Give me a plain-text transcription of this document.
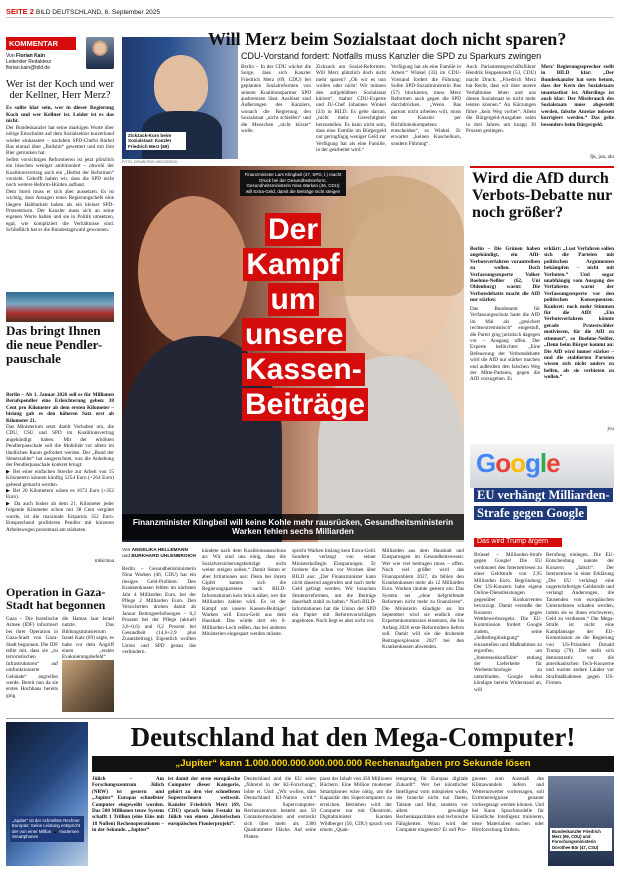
SEITE 2 BILD DEUTSCHLAND, 6. September 2025
KOMMENTAR
Von Florian Kain
Leitender Redakteur
florian.kain@bild.de
Wer ist der Koch und wer der Kellner, Herr Merz?
Es sollte klar sein, wer in dieser Regierung Koch und wer Kellner ist. Leider ist es das nicht.
Der Bundeskanzler hat seine markigen Worte über nötige Einschnitte auf dem Sozialsektor kurzerhand wieder einkassiert – nachdem SPD-Chefin Bärbel Bas einmal über „Bullshit“ gewettert und mit ihm Bier getrunken hat.
Selbst vorsichtiges Reformieren ist jetzt plötzlich ein bisschen weniger ambitioniert – obwohl der Koalitionsvertrag auch ein „Herbst der Reformen“ vorsieht. Gehofft haben wir, dass die SPD nicht noch weitere Reform-Hürden aufbaut.
Dem Streit muss er sich aber aussetzen. Es ist wichtig, dass Ansagen eines Regierungschefs eine längere Haltbarkeit haben als ein kleiner SPD-Proteststurm. Der Kanzler muss sich an seine eigenen Worte halten und sie in Politik umsetzen, egal, wie kompliziert die Verhältnisse sind. Schließlich hat er die Bundestagswahl gewonnen.
Zickzack-Kurs beim Sozialstaat: Kanzler Friedrich Merz (69)
Will Merz beim Sozialstaat doch nicht sparen?
CDU-Vorstand fordert: Notfalls muss Kanzler die SPD zu Sparkurs zwingen
Berlin – In der CDU wächst die Sorge, dass sich Kanzler Friedrich Merz (69, CDU) bei geplanten Sozialreformen von seinem Koalitionspartner SPD ausbremsen lässt. Auslöser sind Äußerungen des Kanzlers, wonach die Regierung den Sozialstaat „nicht schleifen“ und die Menschen „nicht kürzer“ wolle.
Zickzack am Sozial-Reformen: Will Merz plötzlich doch nicht mehr sparen? „Ob wir es nun wollen oder nicht: Wir müssen den aufgeblähten Sozialstaat kürzen“, mahnt CDU-Experte und JU-Chef Johannes Winkel (33) in BILD. Es gebe darum, „nicht mehr Gerechtigkeit herzustellen. Es kann nicht sein, dass eine Familie im Bürgergeld nur geringfügig weniger Geld zur Verfügung hat als eine Familie, in der gearbeitet wird.“
Verfügung hat als eine Familie in Arbeit.“ Winkel (33) im CDU-Vorstand fordert die Führung: Sollte SPD-Sozialministerin Bas (57) blockieren, muss Merz Reformen auch gegen die SPD durchdrücken. „Wenn Bas partout nicht arbeiten will, muss der Kanzler per Richtlinienkompetenz entscheiden“, so Winkel. Er erwartet „keinen Kuschelkurs, sondern Führung“.
Auch Parlamentsgeschäftsführer Hendrik Hoppenstedt (53, CDU) macht Druck: „Friedrich Merz hat Recht, dass wir über unsere Verhältnisse leben und uns diesen Sozialstaat so nicht mehr leisten können.“ An Kürzungen führe „kein Weg vorbei“. Allein die Bürgergeld-Ausgaben seien in drei Jahren um knapp 30 Prozent gestiegen.
Merz' Regierungssprecher stellt in BILD klar: „Der Bundeskanzler hat stets betont, dass der Kern des Sozialstaats unantastbar ist. Allerdings ist auch klar: Der Missbrauch des Sozialstaats muss abgestellt werden, falsche Anreize müssen korrigiert werden.“ Das gelte besonders beim Bürgergeld.
fjk, jun, alu
FOTO: DPA/BERND WEISSBROD
Finanzminister Lars Klingbeil (47, SPD, l.) macht Druck bei der Gesundheitsreform, Gesundheitsministerin Nina Warken (46, CDU) will Extra-Geld, damit die Beiträge nicht steigen
Der
Kampf
um
unsere
Kassen-
Beiträge
Finanzminister Klingbeil will keine Kohle mehr rausrücken, Gesundheitsministerin Warken fehlen sechs Milliarden
Von ANGELIKA HELLEMANN
und BURKHARD UHLENBROICH
Berlin – Gesundheitsministerin Nina Warken (46, CDU) hat ein riesiges Geld-Problem: Den Krankenkassen fehlen im nächsten Jahr 4 Milliarden Euro, bei der Pflege 2 Milliarden Euro. Den Versicherten drohen damit ab Januar Beitragserhöhungen – 0,2 Prozent bei der Pflege (aktuell 3,6+0,6) und 0,2 Prozent bei Gesundheit (14,6+2,9 plus Zusatzbeitrag). Eigentlich wollten Union und SPD genau das verhindern.
kündete nach dem Koalitionsausschuss an: Wir sind uns einig, dass die Sozialversicherungsbeiträge nicht weiter steigen sollen.“ Damit lösten er aber Irritationen aus: Denn bei ihrem Gipfel kamen sich die Regierungsparteien nach BILD-Informationen kein Stück näher, wer die Milliarden zahlen wird. Es ist der Kampf um unsere Kassen-Beiträge! Warken will Extra-Geld aus dem Haushalt. Das würde dort ein 6-Milliarden-Loch reißen, das bei anderen Ministerien eingespart werden müsste.
spricht Warken bislang kein Extra-Geld. Sondern verlangt von seiner Ministerkollegin Einsparungen. Er forderte die schon vor Wochen über BILD aus: „Der Finanzminister kann nicht dauernd angerufen und nach mehr Geld gefragt werden. Wir brauchen Strukturreformen, um die Beiträge dauerhaft stabil zu halten.“ Nach BILD-Informationen hat die Union der SPD ein Papier mit Reformvorschlägen angeboten. Noch liegt es aber nicht vor.
Milliarden aus dem Haushalt und Einsparungen im Gesundheitswesen: Wer wie viel beitragen muss – offen. Noch viel größer wird das Finanzproblem 2027, da fehlen den Krankenkassen mehr als 12 Milliarden Euro. Warken räumte gestern ein: Das System sei „ohne tiefgreifende Reformen nicht mehr zu finanzieren“. Die Ministerin kündigte an: Im September wird sie endlich eine Expertenkommission einsetzen, die bis Anfang 2026 erste Reformideen liefern soll. Damit will sie die drohende Beitragsexplosion 2027 bei den Krankenkassen abwenden.
Das bringt Ihnen die neue Pendler-pauschale
Berlin – Ab 1. Januar 2026 soll es für Millionen Berufspendler eine Erleichterung geben: 38 Cent pro Kilometer ab dem ersten Kilometer – bislang gab es den höheren Satz erst ab Kilometer 21.
Das Ministerium setzt damit Vorhaben um, die CDU, CSU und SPD im Koalitionsvertrag angekündigt haben. Mit der erhöhten Pendlerpauschale soll die Mobilität vor allem im ländlichen Raum gefördert werden. Der „Bund der Steuerzahler“ hat ausgerechnet, was die Anhebung der Pendlerpauschale konkret bringt:
▶ Bei einer einfachen Strecke zur Arbeit von 15 Kilometern können künftig 1254 Euro (+264 Euro) geltend gemacht werden.
▶ Bei 20 Kilometern wären es 1672 Euro (+352 Euro).
▶ Da auch bisher ab dem 21. Kilometer jeder folgende Kilometer schon mit 38 Cent vergütet wurde, ist die maximale Ersparnis 352 Euro. Entsprechend profitieren Pendler mit kürzeren Arbeitswegen prozentual am stärksten.
mbk/maa
Operation in Gaza-Stadt hat begonnen
Gaza – Die Israelische Armee (IDF) informiert bei ihrer Operation in Gaza-Stadt von Gaza-Stadt begonnen. Die IDF teilte mit, dass sie „zu terroristischen Infrastrukturen“ auf umfunktionierte Gebäude“ angreifen werde. Bereit nun da sie erstes Hochhaus bereits ging.
die Hamas laut Israel nutzte. Das Bildungsministerium Israel Katz (69) sagte, es habe vor dem Angriff einen „ersten Evakuierungsbefehl“
Wird die AfD durch Verbots-Debatte nur noch größer?
Berlin – Die Grünen haben angekündigt, ein AfD-Verbotsverfahren vorantreiben zu wollen. Doch Verfassungsexperte Volker Boehme-Neßler (62, Uni Oldenburg) warnt: Die Verbotsdebatte macht die AfD nur stärker.
Das Bundesamt für Verfassungsschutz hatte die AfD im Mai als „gesichert rechtsextremistisch“ eingestuft, die Partei ging juristisch dagegen vor – Ausgang offen. Der Experte befürchtet: „Eine Befeuerung der Verbotsdebatte wird die AfD nur stärker machen und außerdem den falschen Weg der Mitte-Parteien, gegen die AfD vorzugehen. Er
erklärt: „Lust Verfahren sollen sich die Parteien mit politischen Argumenten bekämpfen – nicht mit Verboten.“ Und sogar unabhängig vom Ausgang des Verfahrens warnt der Verfassungsexperte vor den politischen Konsequenzen. Konkret: noch mehr Stimmen für die AfD! „Ein Verbotsverfahren könnte gerade Protestwähler motivieren, für die AfD zu stimmen“, so Boehme-Neßler. „Denn beim Bürger kommt an: Die AfD wird immer stärker – und die etablierten Parteien wissen sich nicht anders zu helfen, als sie verbieten zu wollen.“
jvu
Google
EU verhängt Milliarden-Strafe gegen Google
Das wird Trump ärgern
Brüssel – Milliarden-Strafe gegen Google! Die EU verdonnert den Internetriesen zu einer Geldstrafe von 2,95 Milliarden Euro. Begründung: Der US-Konzern habe eigene Online-Dienstleistungen gegenüber Konkurrenten bevorzugt. Damit verstoße der Konzern gegen Wettbewerbsregeln. Die EU-Kommission fordert Google zudem, seine „Selbstbegünstigung“ einzustellen und Maßnahmen zu ergreifen, um „Interessenkonflikte“ entlang der Lieferkette für Werbetechnologie zu unterbinden. Google selbst kündigte bereits Widerstand an, will
Berufung einlegen. Die EU-Entscheidung nannte der Konzern „falsch“. Der Internetriese in einer Erklärung „Die EU verhängt eine ungerechtfertigte Geldstrafe und verlangt Änderungen, die Tausenden von europäischen Unternehmen schaden werden, indem sie es ihnen erschweren, Geld zu verdienen.“ Die Mega-Strafe ist nicht eine Kampfansage der EU-Kommission an die Regierung von US-Präsident Donald Trump (79). Der stellt sich demonstrativ vor die amerikanischen Tech-Konzerne und warnte andere Länder vor Strafmaßnahmen gegen US-Firmen.
Deutschland hat den Mega-Computer!
„Jupiter“ kann 1.000.000.000.000.000.000 Rechenaufgaben pro Sekunde lösen
„Jupiter“ ist der schnellste Rechner Europas: Seine Leistung entspricht der von einer Million 📱 modernen Smartphones
Jülich – Am Forschungszentrum Jülich (NRW) ist gestern und „Jupiter“ Europas schnellster Computer eingeweiht worden. Das 500 Millionen teure System schafft 1 Trillion (eine Eins mit 18 Nullen) Rechenoperationen – in der Sekunde. „Jupiter“
ist damit der erste europäische Computer dieser Kategorie, gehört zu den vier schnellsten Superrechnern weltweit. Kanzler Friedrich Merz (69, CDU) sprach beim Festakt in Jülich von einem „historischen europäischen Pionierprojekt“.
Deutschland und die EU seien „führend in der KI-Forschung“, lobte er. Und: „Wir wollen, dass Deutschland KI-Nation wird.“ Das Supercomputer-Rechenzentrum besteht aus 50 Containermodulen und erstreckt sich über mehr als 2300 Quadratmeter Fläche. Auf seine Platten
passt der Inhalt von 450 Millionen Büchern. Eine Million moderner Smartphones wäre nötig, um die Kapazität des Supercomputers zu erreichen. Betrieben wird der Computer nur mit Ökostrom. Digitalminister Karsten Wildberger (56, CDU) sprach von einem „Quan-
tensprung für Europas digitale Zukunft“. Wer bei künstlicher Intelligenz vorn mitspielen wolle, der brauche nicht nur Daten, Talente und Mut, sondern vor allem gewaltige Rechenkapazitäten und technische Fähigkeiten. Wozu wird der Computer eingesetzt? Er soll Pro-
gnosen zum Ausmaß des Klimawandels liefern und Wetterunwetter vorhersagen, soll Extremereignisse genauer vorhergesagt werden können. Und bei Kann Sprachmodelle für Künstliche Intelligenz trainieren, neue Materialien suchen oder Hirnforschung fördern.	Bundeskanzler Friedrich Merz (69, CDU) und Forschungsministerin Dorothee Bär (47, CSU)
